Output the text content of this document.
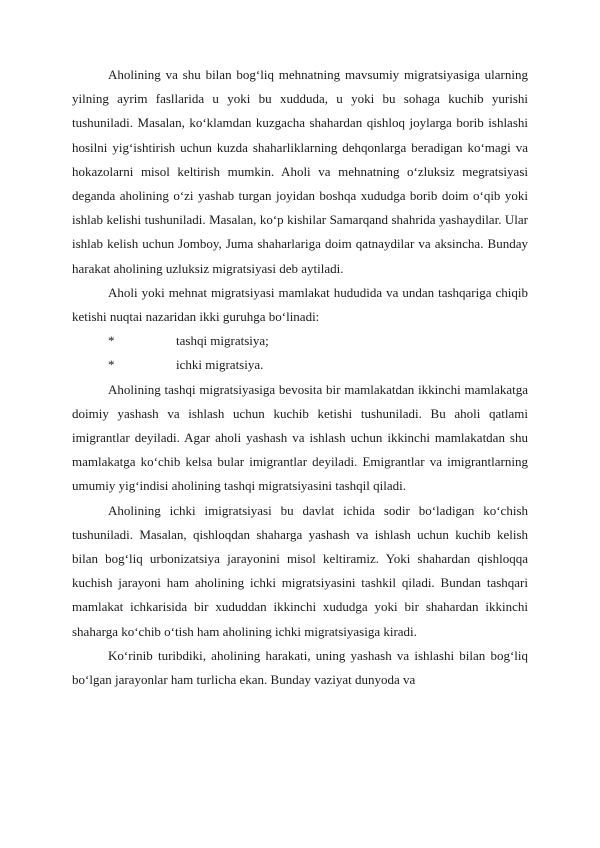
Aholining va shu bilan bog‘liq mehnatning mavsumiy migratsiyasiga ularning yilning ayrim fasllarida u yoki bu xudduda, u yoki bu sohaga kuchib yurishi tushuniladi. Masalan, ko‘klamdan kuzgacha shahardan qishloq joylarga borib ishlashi hosilni yig‘ishtirish uchun kuzda shaharliklarning dehqonlarga beradigan ko‘magi va hokazolarni misol keltirish mumkin. Aholi va mehnatning o‘zluksiz megratsiyasi deganda aholining o‘zi yashab turgan joyidan boshqa xududga borib doim o‘qib yoki ishlab kelishi tushuniladi. Masalan, ko‘p kishilar Samarqand shahrida yashaydilar. Ular ishlab kelish uchun Jomboy, Juma shaharlariga doim qatnaydilar va aksincha. Bunday harakat aholining uzluksiz migratsiyasi deb aytiladi.

Aholi yoki mehnat migratsiyasi mamlakat hududida va undan tashqariga chiqib ketishi nuqtai nazaridan ikki guruhga bo‘linadi:

*	tashqi migratsiya;
*	ichki migratsiya.

Aholining tashqi migratsiyasiga bevosita bir mamlakatdan ikkinchi mamlakatga doimiy yashash va ishlash uchun kuchib ketishi tushuniladi. Bu aholi qatlami imigrantlar deyiladi. Agar aholi yashash va ishlash uchun ikkinchi mamlakatdan shu mamlakatga ko‘chib kelsa bular imigrantlar deyiladi. Emigrantlar va imigrantlarning umumiy yig‘indisi aholining tashqi migratsiyasini tashqil qiladi.

Aholining ichki imigratsiyasi bu davlat ichida sodir bo‘ladigan ko‘chish tushuniladi. Masalan, qishloqdan shaharga yashash va ishlash uchun kuchib kelish bilan bog‘liq urbonizatsiya jarayonini misol keltiramiz. Yoki shahardan qishloqqa kuchish jarayoni ham aholining ichki migratsiyasini tashkil qiladi. Bundan tashqari mamlakat ichkarisida bir xududdan ikkinchi xududga yoki bir shahardan ikkinchi shaharga ko‘chib o‘tish ham aholining ichki migratsiyasiga kiradi.

Ko‘rinib turibdiki, aholining harakati, uning yashash va ishlashi bilan bog‘liq bo‘lgan jarayonlar ham turlicha ekan. Bunday vaziyat dunyoda va
